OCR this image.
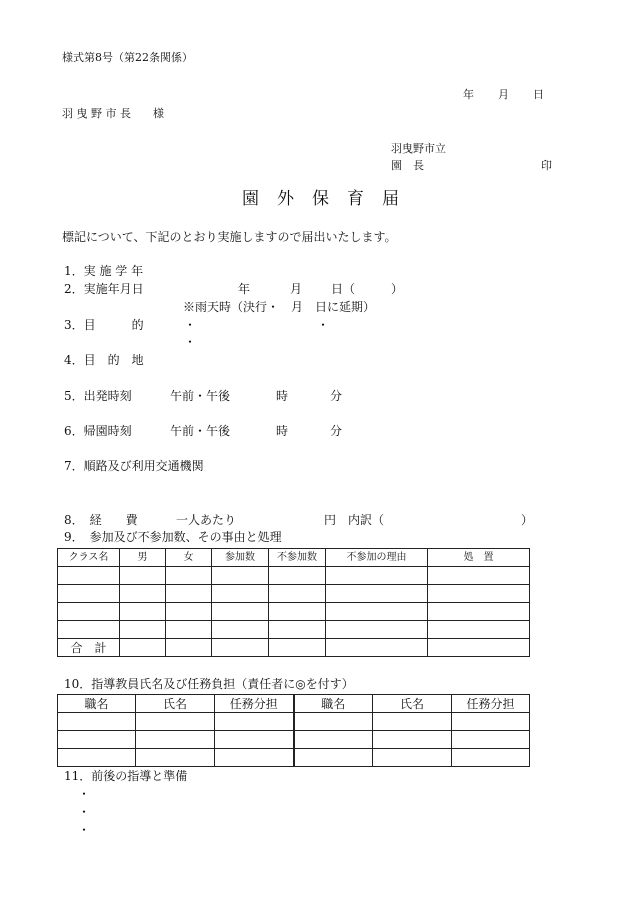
様式第8号（第22条関係）
年 月 日
羽 曳 野 市 長　　様
羽曳野市立
園　長	印
園 外 保 育 届
標記について、下記のとおり実施しますので届出いたします。
1．実 施 学 年
2．実施年月日	年	月 日（　　　）
※雨天時（決行・　月　日に延期）
3．目　　　的	・	・
・
4．目　的　地
5．出発時刻	午前・午後	時	分
6．帰園時刻	午前・午後	時	分
7．順路及び利用交通機関
8．　経　　費	一人あたり	円　内訳（	）
9．　参加及び不参加数、その事由と処理
クラス名	男	女	参加数	不参加数	不参加の理由	処　置

合　計						
10．指導教員氏名及び任務負担（責任者に◎を付す）
職名	氏名	任務分担	職名	氏名	任務分担

11．前後の指導と準備
・
・
・
